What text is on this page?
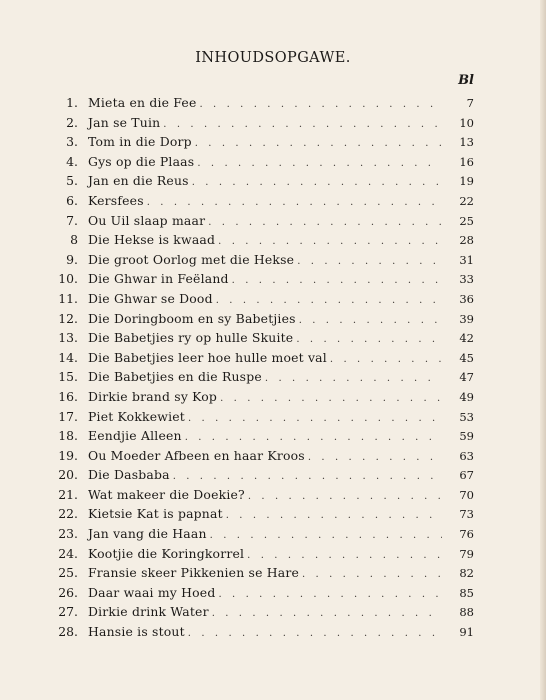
INHOUDSOPGAWE.
Bl
1. Mieta en die Fee . . .	7
2. Jan se Tuin . . .	10
3. Tom in die Dorp . . .	13
4. Gys op die Plaas . . .	16
5. Jan en die Reus . . .	19
6. Kersfees . . .	22
7. Ou Uil slaap maar . . .	25
8 Die Hekse is kwaad . . .	28
9. Die groot Oorlog met die Hekse . . .	31
10. Die Ghwar in Feëland . . .	33
11. Die Ghwar se Dood . . .	36
12. Die Doringboom en sy Babetjies . . .	39
13. Die Babetjies ry op hulle Skuite . . .	42
14. Die Babetjies leer hoe hulle moet val . . .	45
15. Die Babetjies en die Ruspe . . .	47
16. Dirkie brand sy Kop . . .	49
17. Piet Kokkewiet . . .	53
18. Eendjie Alleen . . .	59
19. Ou Moeder Afbeen en haar Kroos . . .	63
20. Die Dasbaba . . .	67
21. Wat makeer die Doekie? . . .	70
22. Kietsie Kat is papnat . . .	73
23. Jan vang die Haan . . .	76
24. Kootjie die Koringkorrel . . .	79
25. Fransie skeer Pikkenien se Hare . . .	82
26. Daar waai my Hoed . . .	85
27. Dirkie drink Water . . .	88
28. Hansie is stout . . .	91
